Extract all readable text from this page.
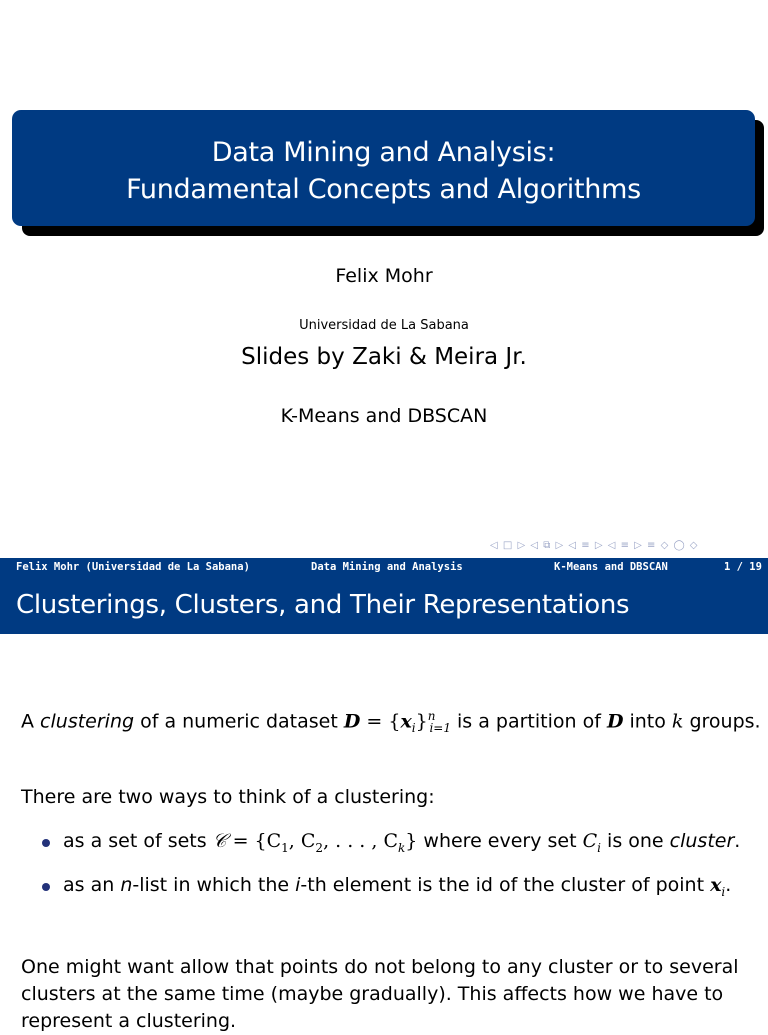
Data Mining and Analysis:
Fundamental Concepts and Algorithms
Felix Mohr
Universidad de La Sabana
Slides by Zaki & Meira Jr.
K-Means and DBSCAN
◁ □ ▷ ◁ ⧉ ▷ ◁ ≡ ▷ ◁ ≡ ▷ ≡ ◇ ◯ ◇
Felix Mohr (Universidad de La Sabana)	Data Mining and Analysis	K-Means and DBSCAN	1 / 19
Clusterings, Clusters, and Their Representations
A clustering of a numeric dataset $D = \{x_i\}^n_{i=1}$ is a partition of D into k groups.
There are two ways to think of a clustering:
as a set of sets 𝒞 = {$C_1$, $C_2$, . . . , $C_k$} where every set $C_i$ is one cluster.
as an n-list in which the i-th element is the id of the cluster of point $x_i$.
One might want allow that points do not belong to any cluster or to several clusters at the same time (maybe gradually). This affects how we have to represent a clustering.
